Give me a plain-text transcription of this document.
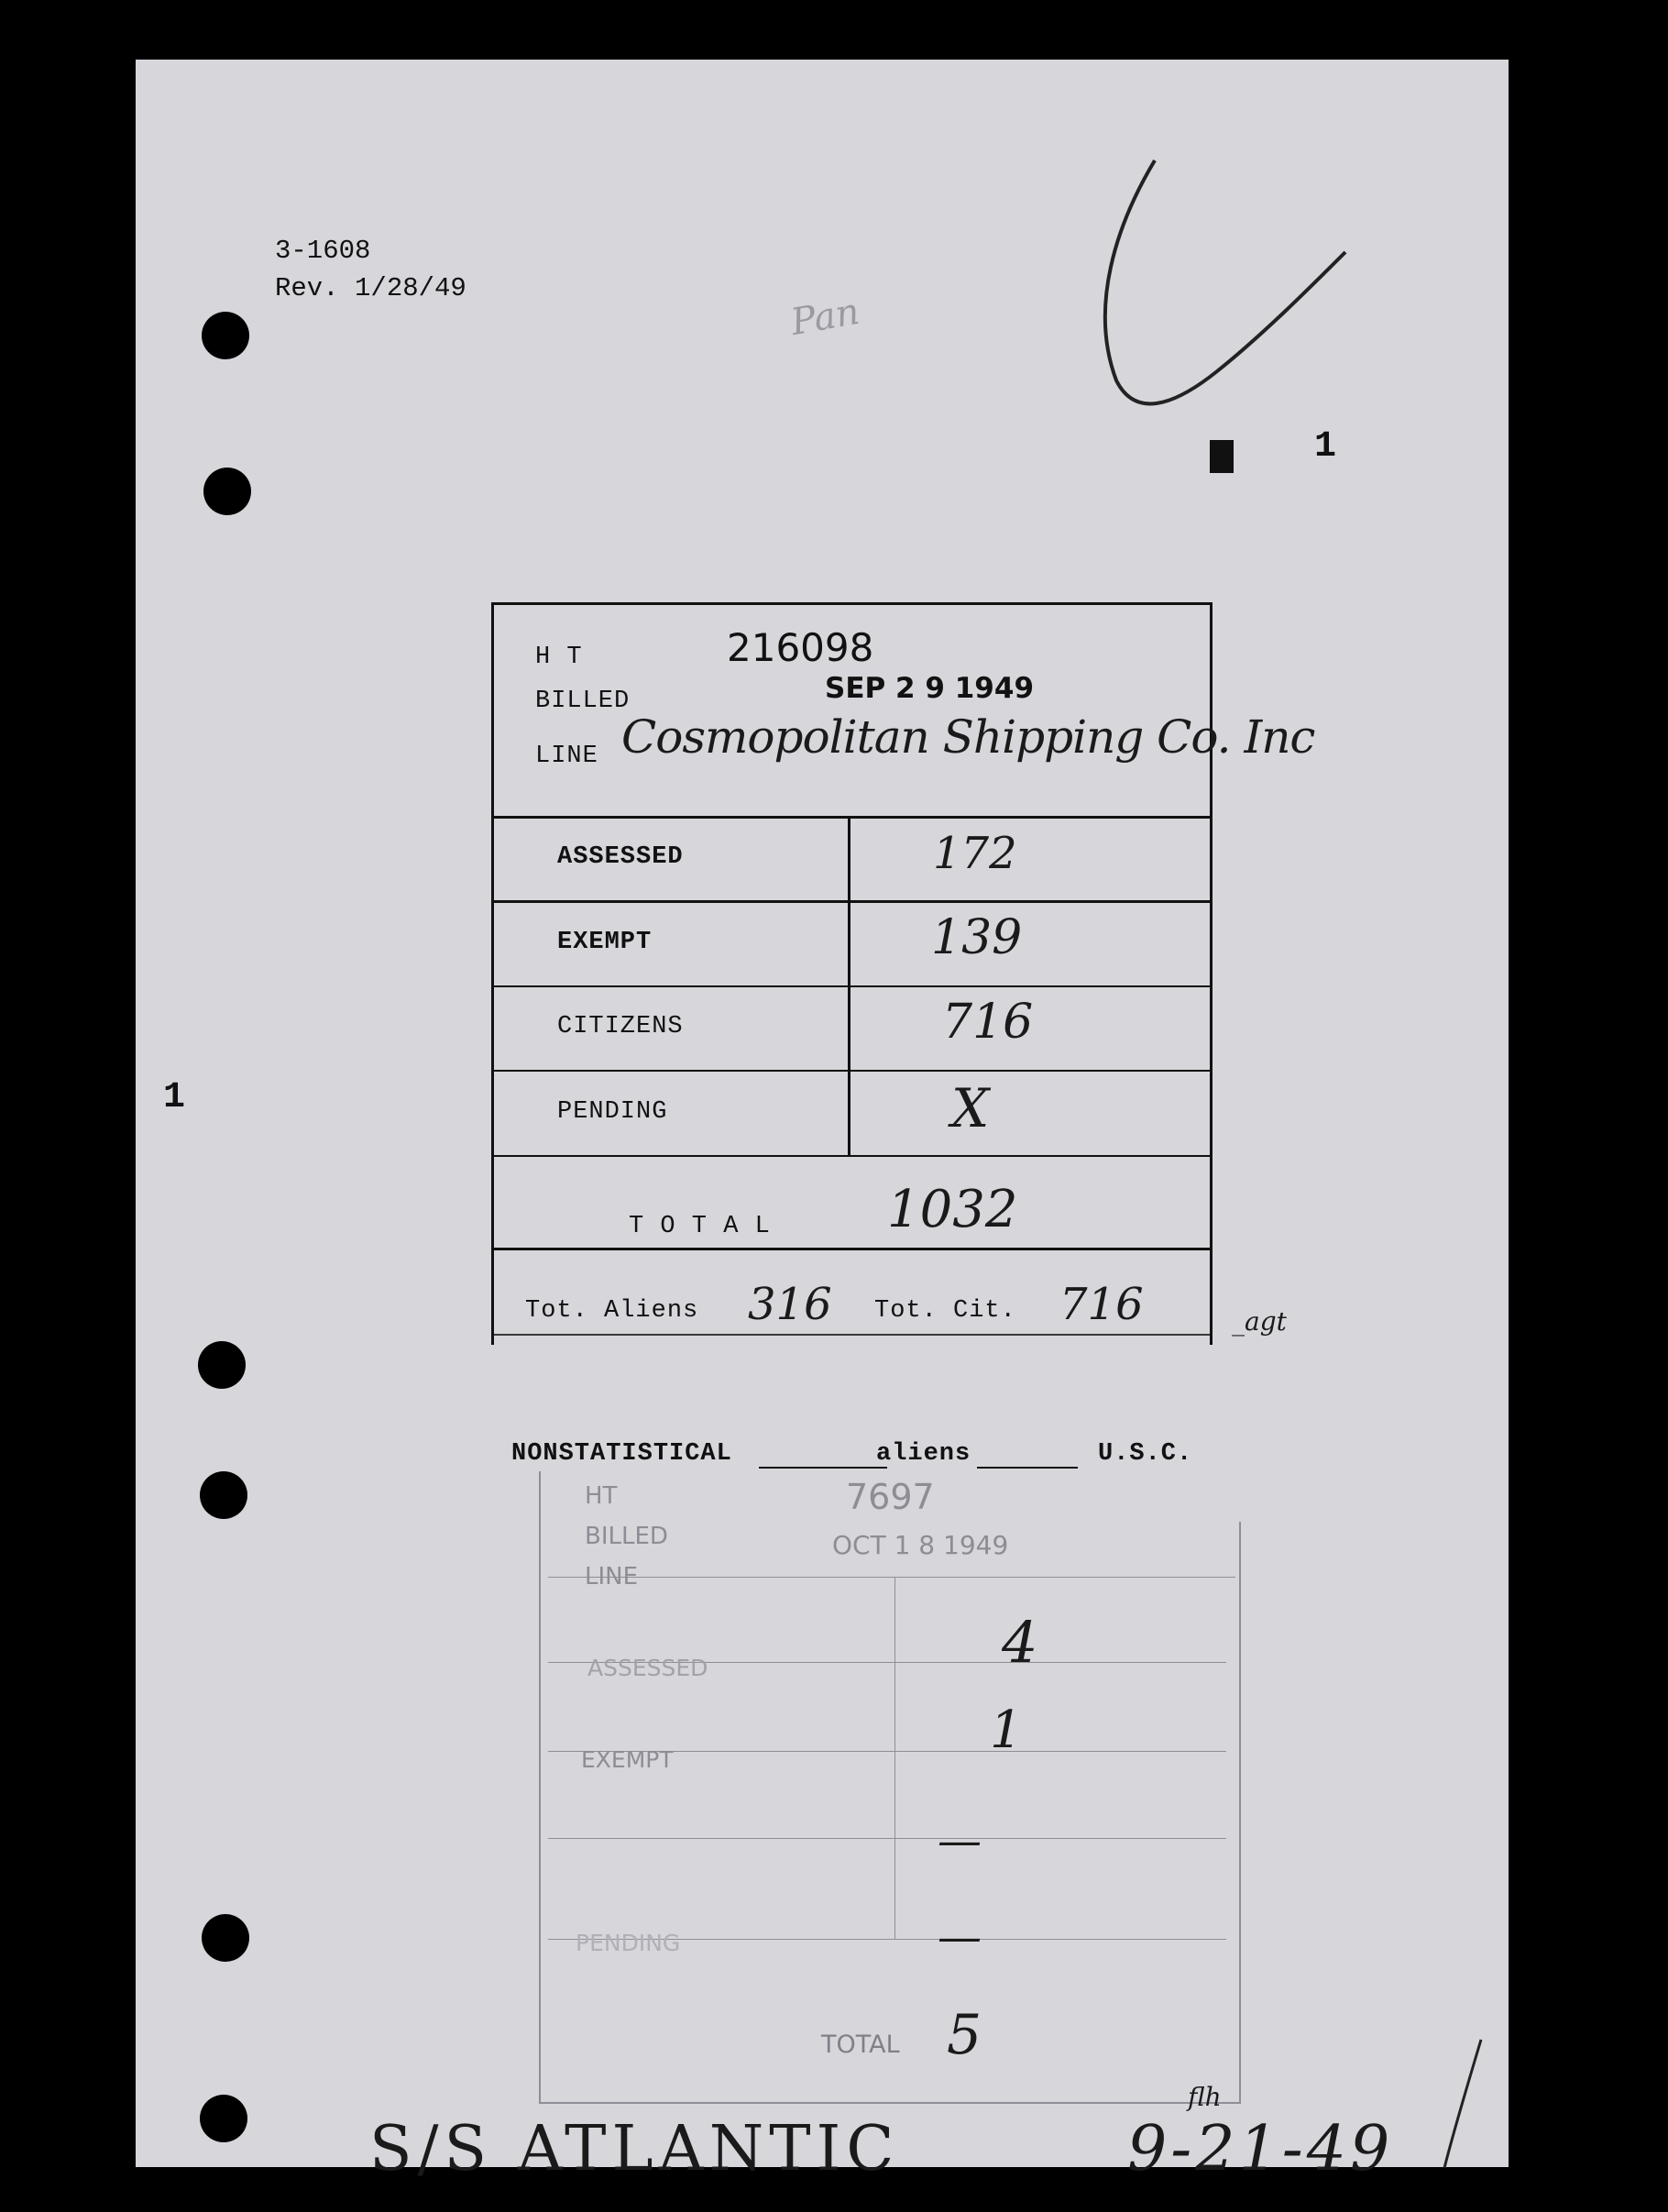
3-1608
Rev. 1/28/49
Pan
1
1
H T	216098
BILLED	SEP 2 9 1949
LINE Cosmopolitan Shipping Co. Inc
ASSESSED	172
EXEMPT	139
CITIZENS	716
PENDING	X
T O T A L 1032
Tot. Aliens 316 Tot. Cit. 716	_agt
NONSTATISTICAL	aliens	U.S.C.
HT	7697
BILLED	OCT 1 8 1949
LINE
ASSESSED	4
EXEMPT	1
—
PENDING	—
TOTAL 5
S/S ATLANTIC	9-21-49
flh
